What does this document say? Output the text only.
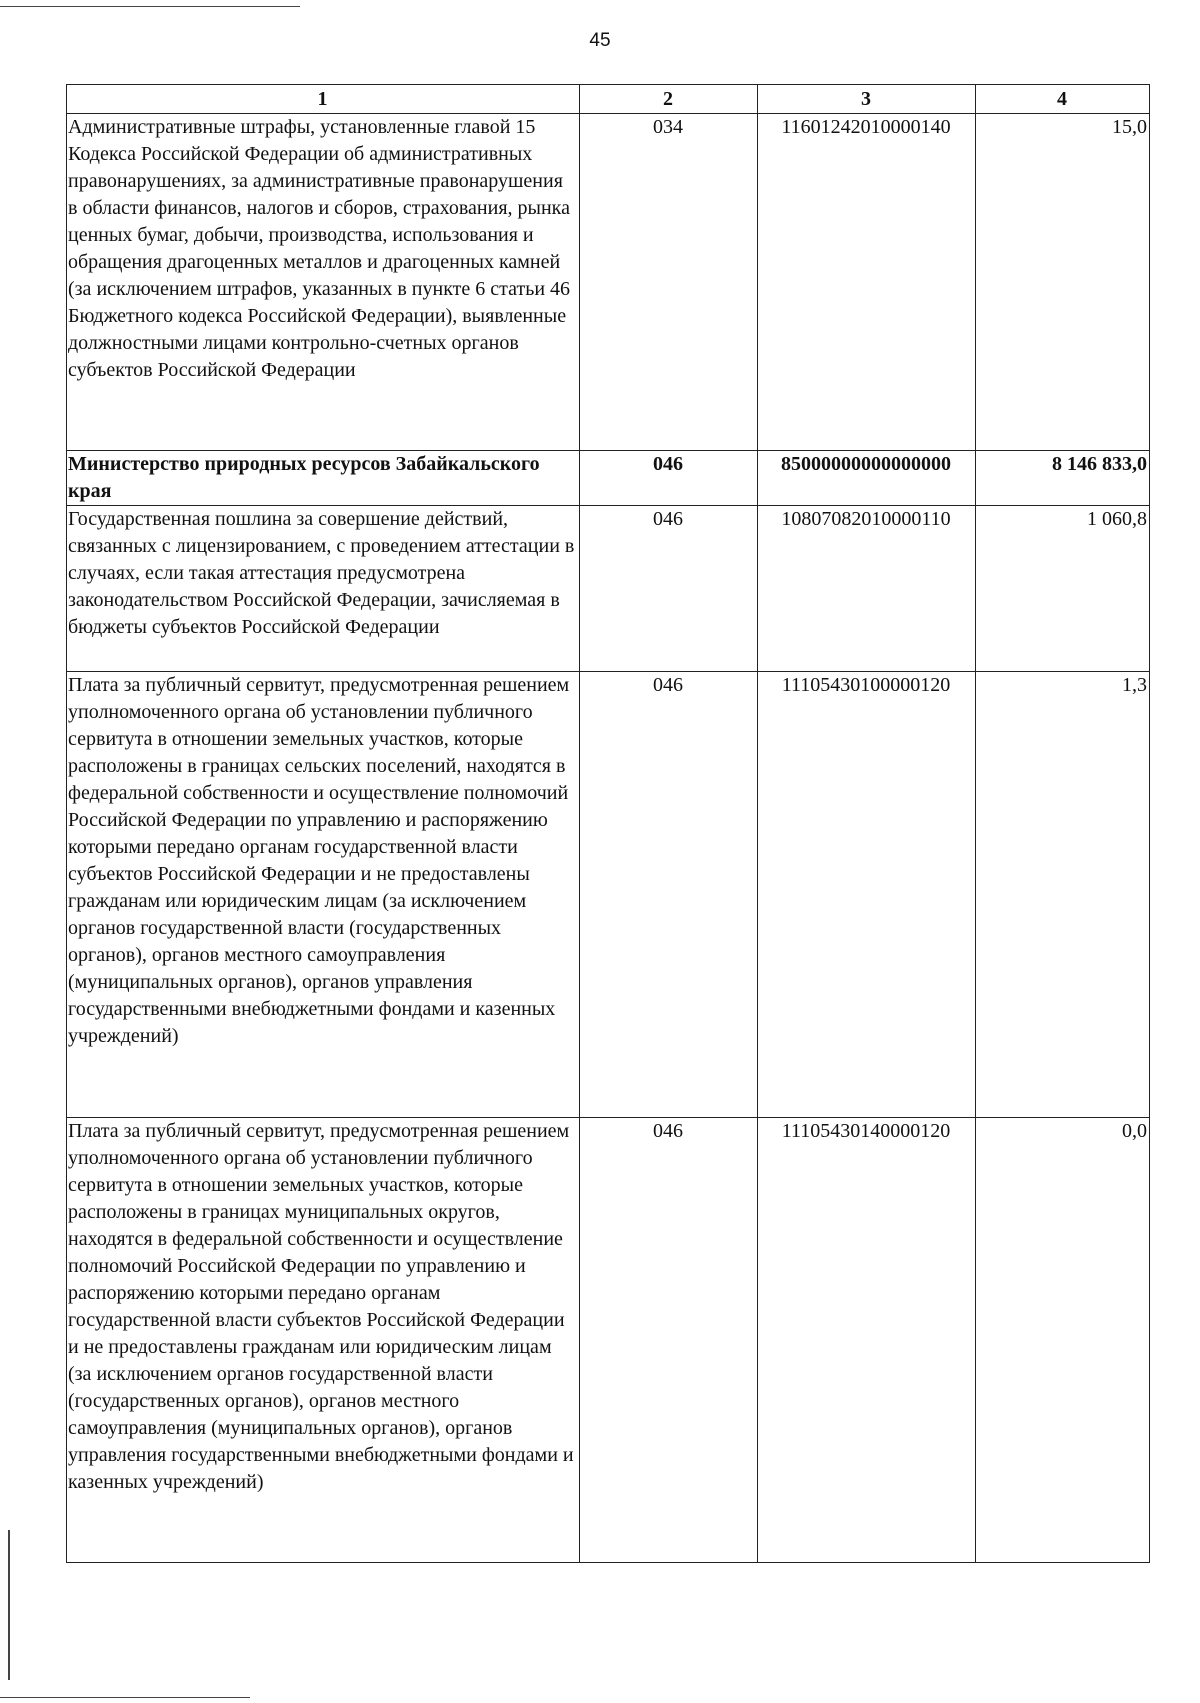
45
1	2	3	4
Административные штрафы, установленные главой 15 Кодекса Российской Федерации об административных правонарушениях, за административные правонарушения в области финансов, налогов и сборов, страхования, рынка ценных бумаг, добычи, производства, использования и обращения драгоценных металлов и драгоценных камней (за исключением штрафов, указанных в пункте 6 статьи 46 Бюджетного кодекса Российской Федерации), выявленные должностными лицами контрольно-счетных органов субъектов Российской Федерации	034	11601242010000140	15,0
Министерство природных ресурсов Забайкальского края	046	85000000000000000	8 146 833,0
Государственная пошлина за совершение действий, связанных с лицензированием, с проведением аттестации в случаях, если такая аттестация предусмотрена законодательством Российской Федерации, зачисляемая в бюджеты субъектов Российской Федерации	046	10807082010000110	1 060,8
Плата за публичный сервитут, предусмотренная решением уполномоченного органа об установлении публичного сервитута в отношении земельных участков, которые расположены в границах сельских поселений, находятся в федеральной собственности и осуществление полномочий Российской Федерации по управлению и распоряжению которыми передано органам государственной власти субъектов Российской Федерации и не предоставлены гражданам или юридическим лицам (за исключением органов государственной власти (государственных органов), органов местного самоуправления (муниципальных органов), органов управления государственными внебюджетными фондами и казенных учреждений)	046	11105430100000120	1,3
Плата за публичный сервитут, предусмотренная решением уполномоченного органа об установлении публичного сервитута в отношении земельных участков, которые расположены в границах муниципальных округов, находятся в федеральной собственности и осуществление полномочий Российской Федерации по управлению и распоряжению которыми передано органам государственной власти субъектов Российской Федерации и не предоставлены гражданам или юридическим лицам (за исключением органов государственной власти (государственных органов), органов местного самоуправления (муниципальных органов), органов управления государственными внебюджетными фондами и казенных учреждений)	046	11105430140000120	0,0
